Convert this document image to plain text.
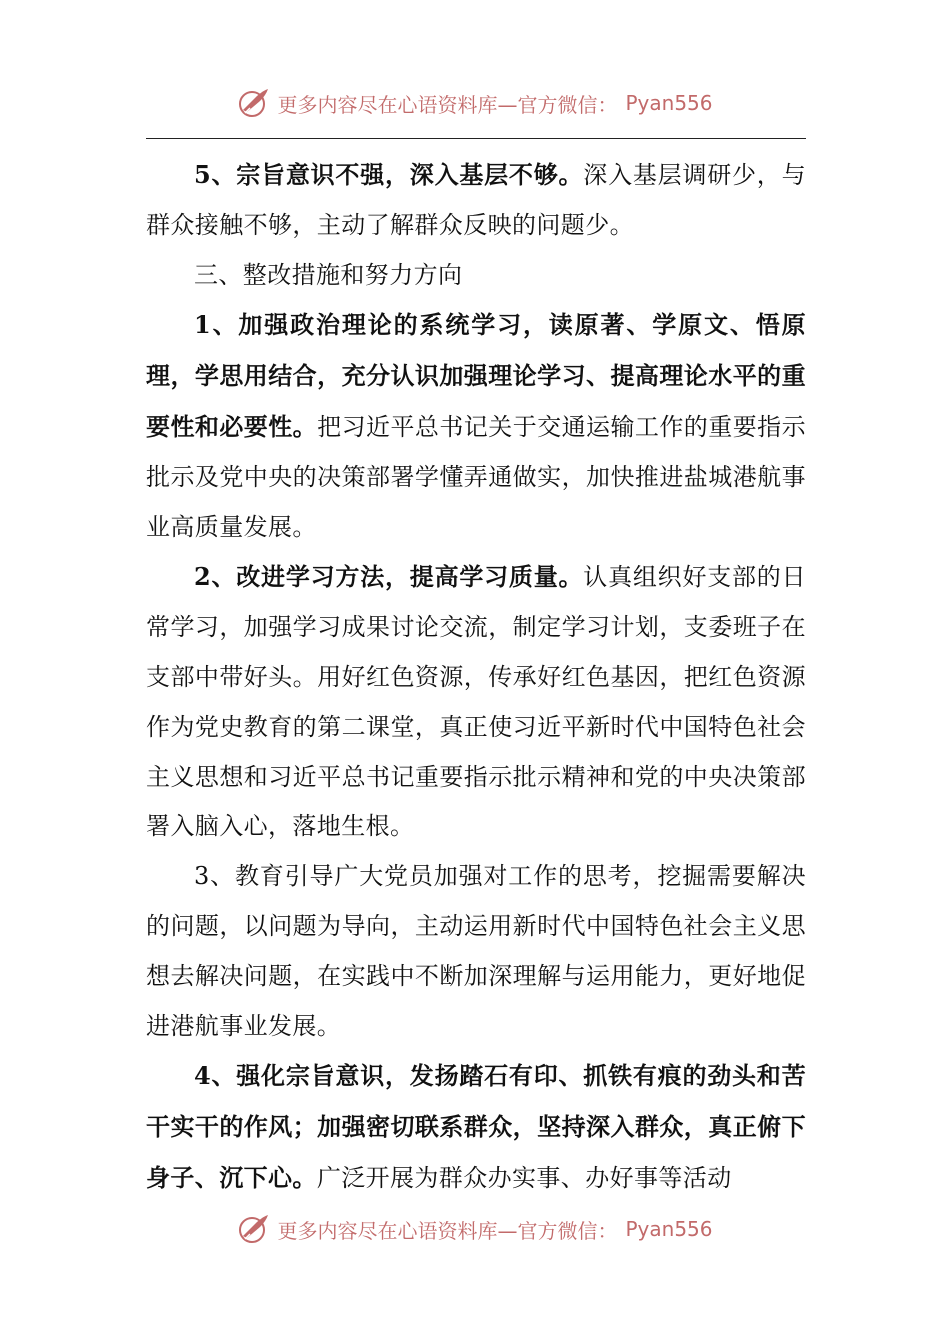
更多内容尽在心语资料库—官方微信： Pyan556

5、宗旨意识不强，深入基层不够。深入基层调研少，与群众接触不够，主动了解群众反映的问题少。

三、整改措施和努力方向

1、加强政治理论的系统学习，读原著、学原文、悟原理，学思用结合，充分认识加强理论学习、提高理论水平的重要性和必要性。把习近平总书记关于交通运输工作的重要指示批示及党中央的决策部署学懂弄通做实，加快推进盐城港航事业高质量发展。

2、改进学习方法，提高学习质量。认真组织好支部的日常学习，加强学习成果讨论交流，制定学习计划，支委班子在支部中带好头。用好红色资源，传承好红色基因，把红色资源作为党史教育的第二课堂，真正使习近平新时代中国特色社会主义思想和习近平总书记重要指示批示精神和党的中央决策部署入脑入心，落地生根。

3、教育引导广大党员加强对工作的思考，挖掘需要解决的问题，以问题为导向，主动运用新时代中国特色社会主义思想去解决问题，在实践中不断加深理解与运用能力，更好地促进港航事业发展。

4、强化宗旨意识，发扬踏石有印、抓铁有痕的劲头和苦干实干的作风；加强密切联系群众，坚持深入群众，真正俯下身子、沉下心。广泛开展为群众办实事、办好事等活动

更多内容尽在心语资料库—官方微信： Pyan556
